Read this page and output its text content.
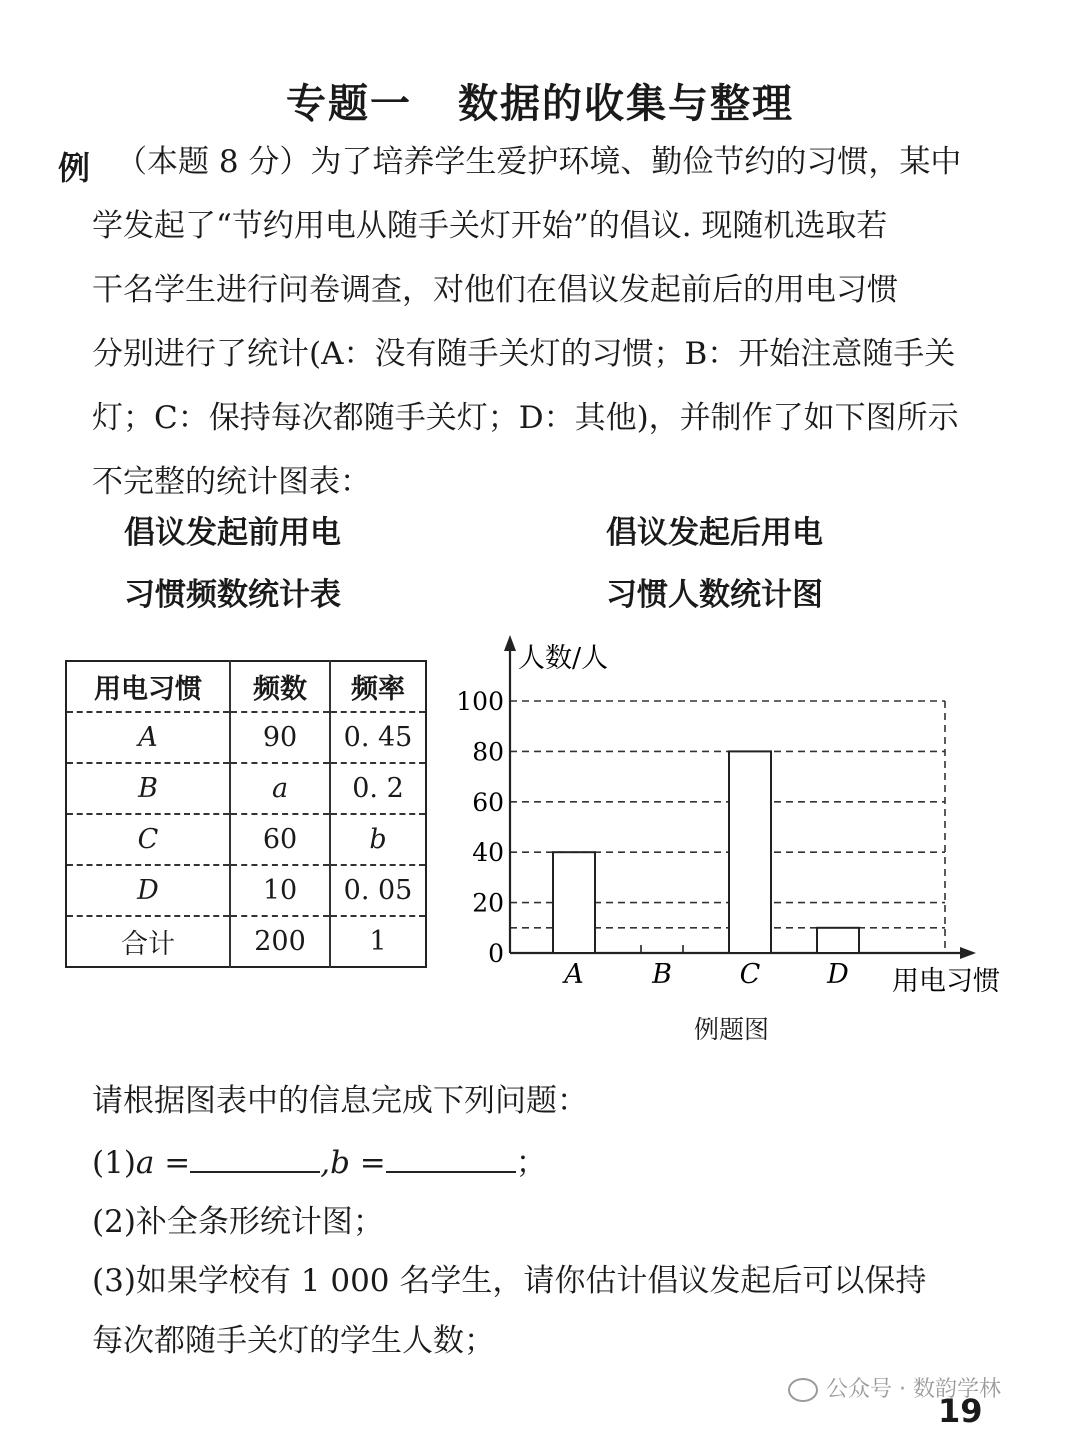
专题一 数据的收集与整理
例 （本题 8 分）为了培养学生爱护环境、勤俭节约的习惯，某中
学发起了“节约用电从随手关灯开始”的倡议. 现随机选取若
干名学生进行问卷调查，对他们在倡议发起前后的用电习惯
分别进行了统计(A：没有随手关灯的习惯；B：开始注意随手关
灯；C：保持每次都随手关灯；D：其他)，并制作了如下图所示
不完整的统计图表：
倡议发起前用电
习惯频数统计表
倡议发起后用电
习惯人数统计图
用电习惯	频数	频率
A	90	0. 45
B	a	0. 2
C	60	b
D	10	0. 05
合计	200	1	0
20
40
60
80
100
A	B	C D
人数/人
用电习惯
例题图
请根据图表中的信息完成下列问题：
(1)a =	,b =	；
(2)补全条形统计图；
(3)如果学校有 1 000 名学生，请你估计倡议发起后可以保持
每次都随手关灯的学生人数；
公众号 · 数韵学林
19
